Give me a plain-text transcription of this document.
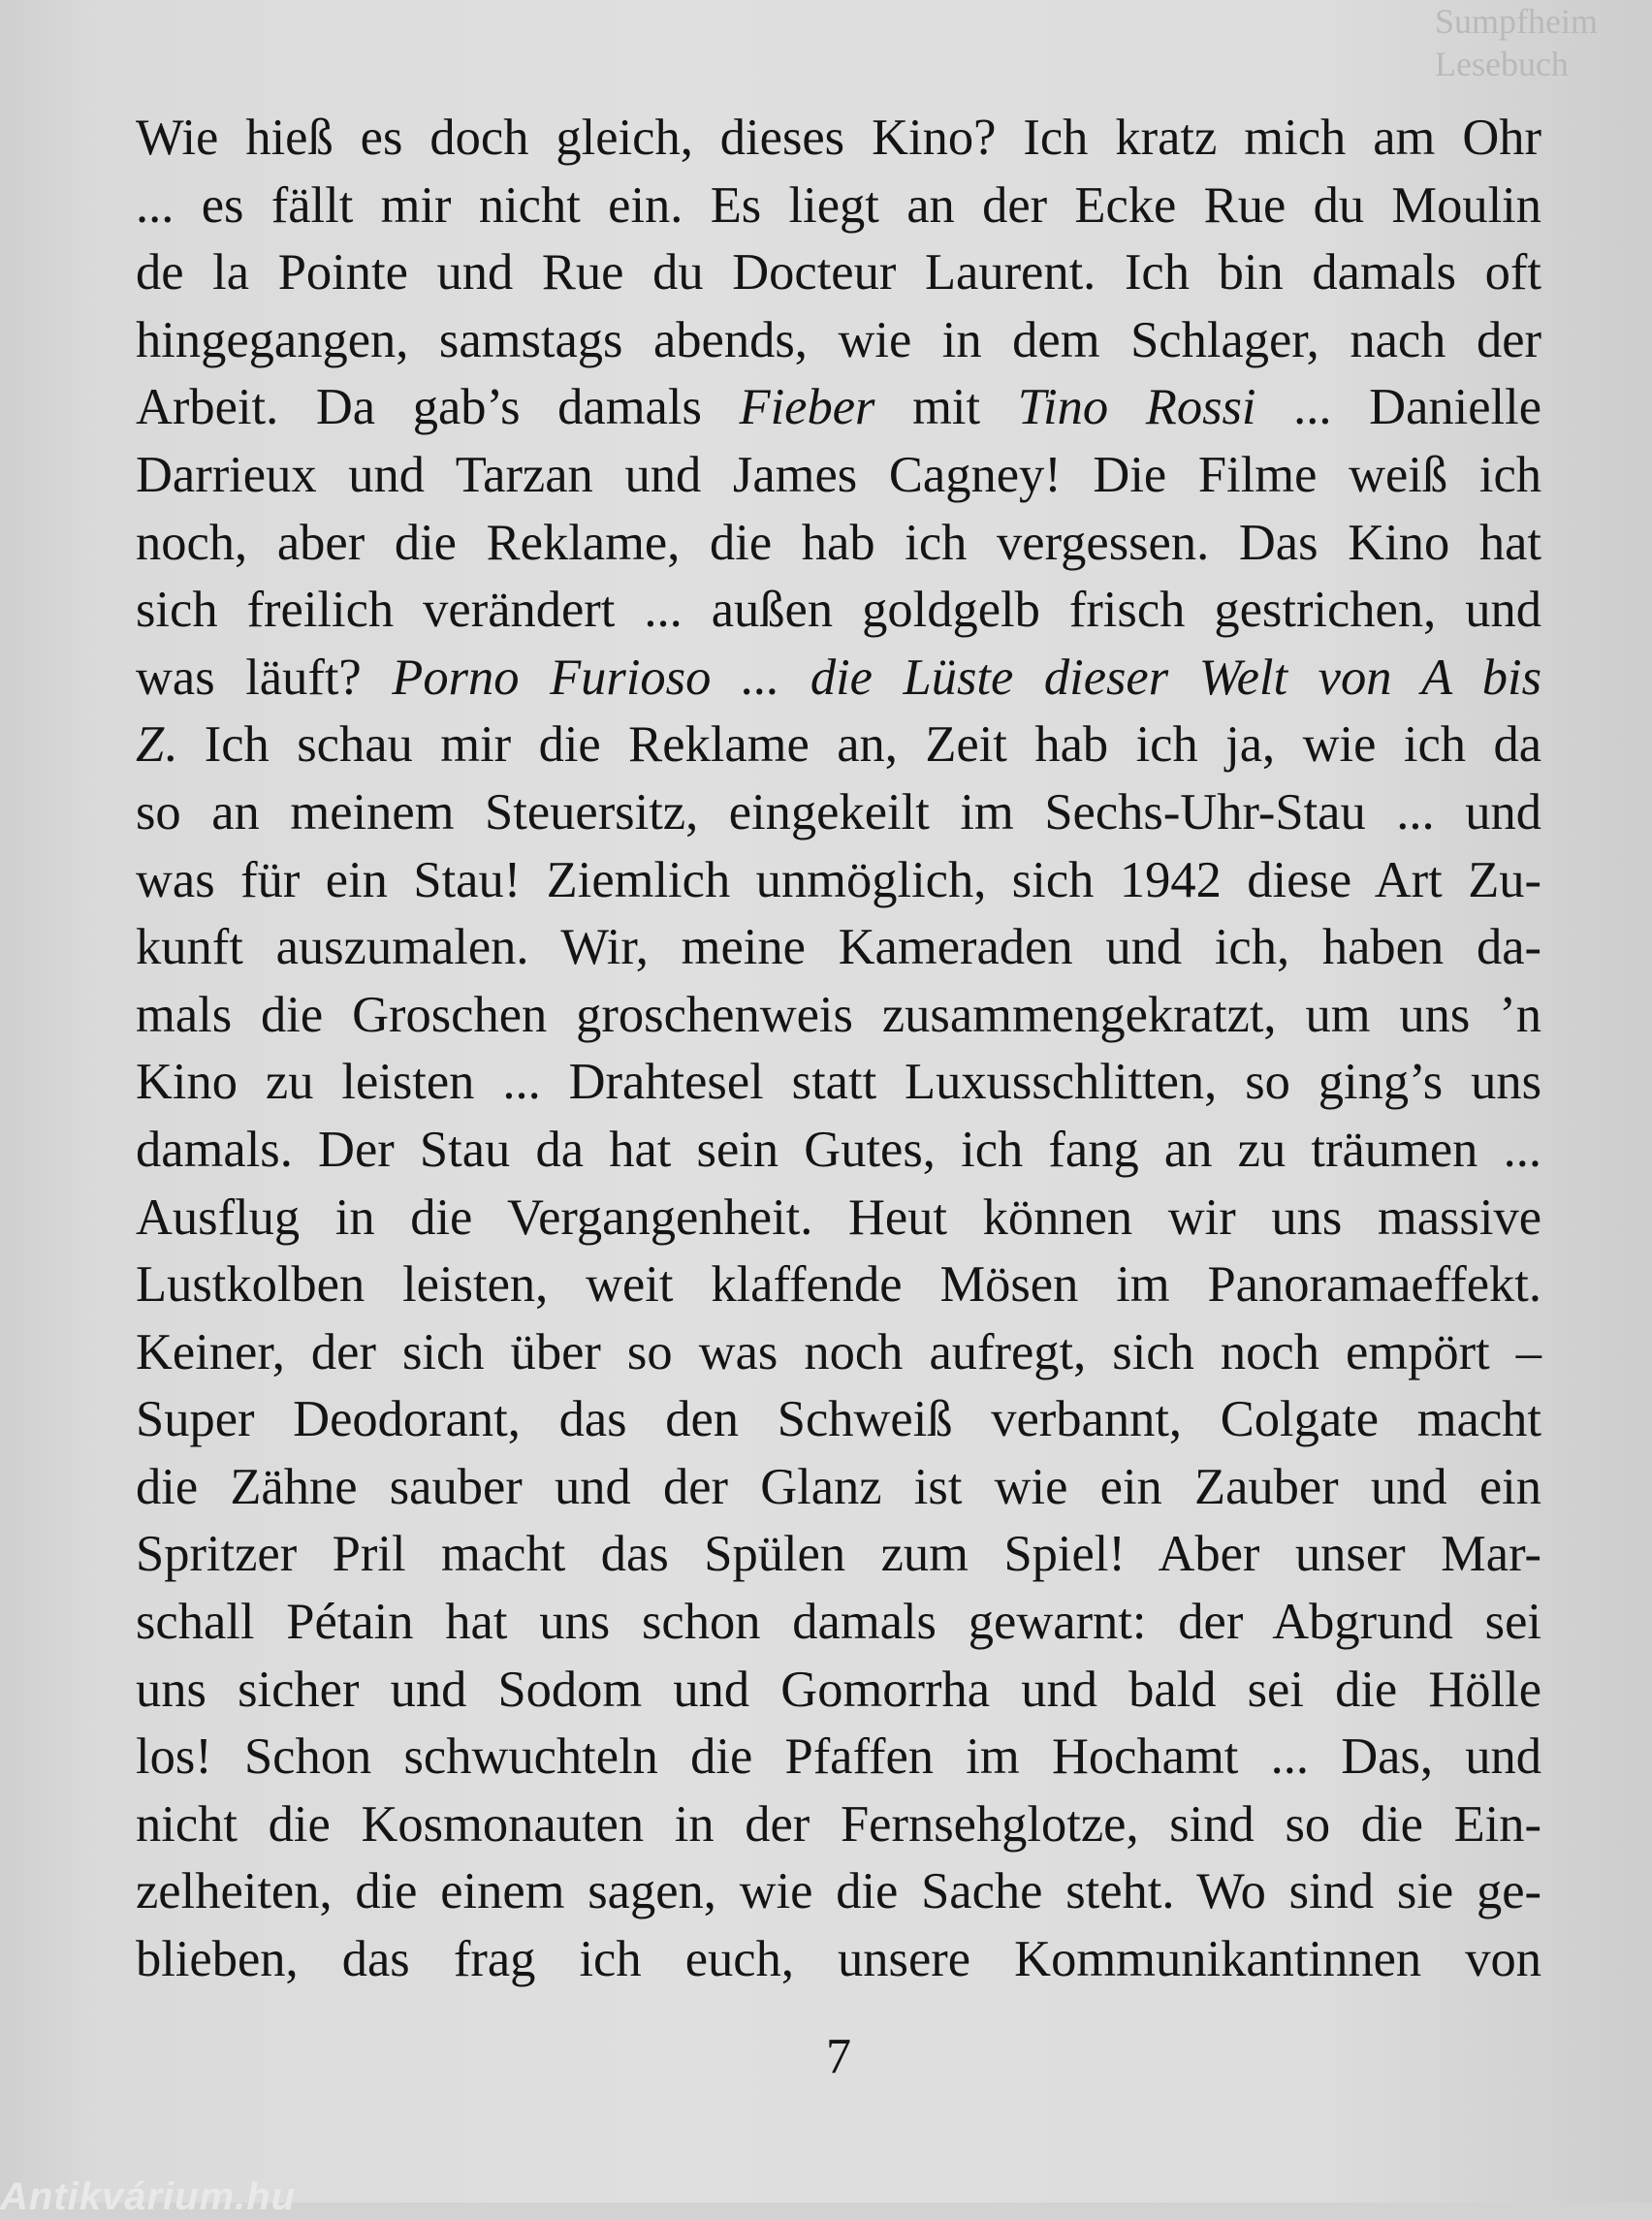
Sumpfheim
Lesebuch
Wie hieß es doch gleich, dieses Kino? Ich kratz mich am Ohr
... es fällt mir nicht ein. Es liegt an der Ecke Rue du Moulin
de la Pointe und Rue du Docteur Laurent. Ich bin damals oft
hingegangen, samstags abends, wie in dem Schlager, nach der
Arbeit. Da gab’s damals Fieber mit Tino Rossi ... Danielle
Darrieux und Tarzan und James Cagney! Die Filme weiß ich
noch, aber die Reklame, die hab ich vergessen. Das Kino hat
sich freilich verändert ... außen goldgelb frisch gestrichen, und
was läuft? Porno Furioso ... die Lüste dieser Welt von A bis
Z. Ich schau mir die Reklame an, Zeit hab ich ja, wie ich da
so an meinem Steuersitz, eingekeilt im Sechs-Uhr-Stau ... und
was für ein Stau! Ziemlich unmöglich, sich 1942 diese Art Zu-
kunft auszumalen. Wir, meine Kameraden und ich, haben da-
mals die Groschen groschenweis zusammengekratzt, um uns ’n
Kino zu leisten ... Drahtesel statt Luxusschlitten, so ging’s uns
damals. Der Stau da hat sein Gutes, ich fang an zu träumen ...
Ausflug in die Vergangenheit. Heut können wir uns massive
Lustkolben leisten, weit klaffende Mösen im Panoramaeffekt.
Keiner, der sich über so was noch aufregt, sich noch empört –
Super Deodorant, das den Schweiß verbannt, Colgate macht
die Zähne sauber und der Glanz ist wie ein Zauber und ein
Spritzer Pril macht das Spülen zum Spiel! Aber unser Mar-
schall Pétain hat uns schon damals gewarnt: der Abgrund sei
uns sicher und Sodom und Gomorrha und bald sei die Hölle
los! Schon schwuchteln die Pfaffen im Hochamt ... Das, und
nicht die Kosmonauten in der Fernsehglotze, sind so die Ein-
zelheiten, die einem sagen, wie die Sache steht. Wo sind sie ge-
blieben, das frag ich euch, unsere Kommunikantinnen von
7
Antikvárium.hu
